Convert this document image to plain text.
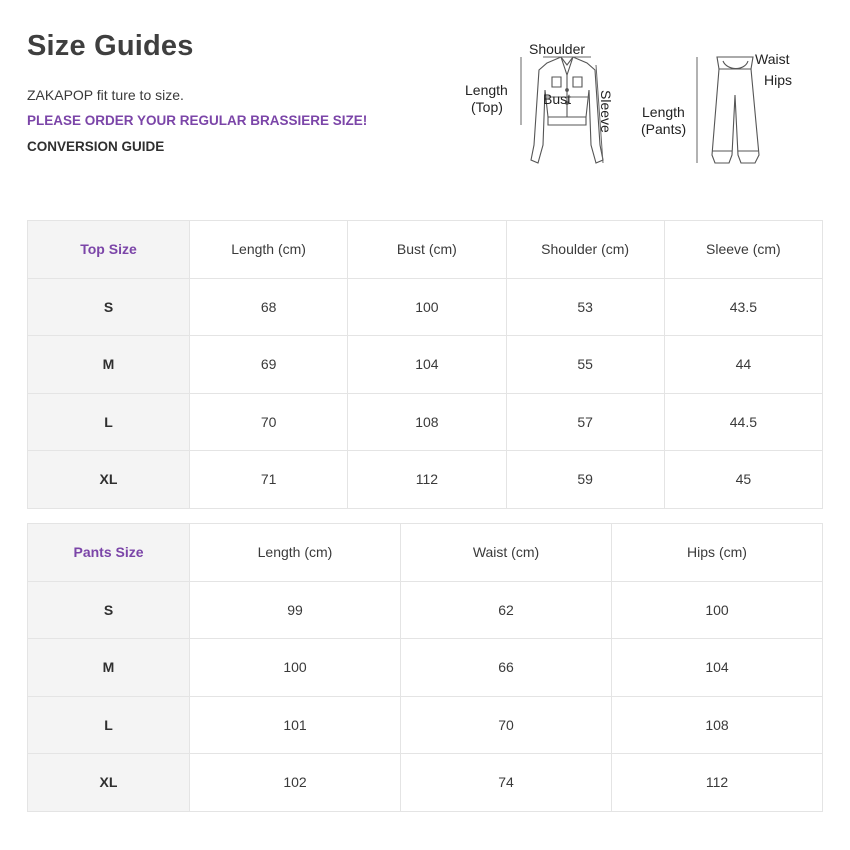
Size Guides
ZAKAPOP fit ture to size.
PLEASE ORDER YOUR REGULAR BRASSIERE SIZE!
CONVERSION GUIDE
Shoulder
Length
(Top)	Bust Sleeve
Waist
Hips
Length
(Pants)
Top Size	Length (cm)	Bust (cm)	Shoulder (cm)	Sleeve (cm)
S	68	100	53	43.5
M	69	104	55	44
L	70	108	57	44.5
XL	71	112	59	45
Pants Size	Length (cm)	Waist (cm)	Hips (cm)
S	99	62	100
M	100	66	104
L	101	70	108
XL	102	74	112
